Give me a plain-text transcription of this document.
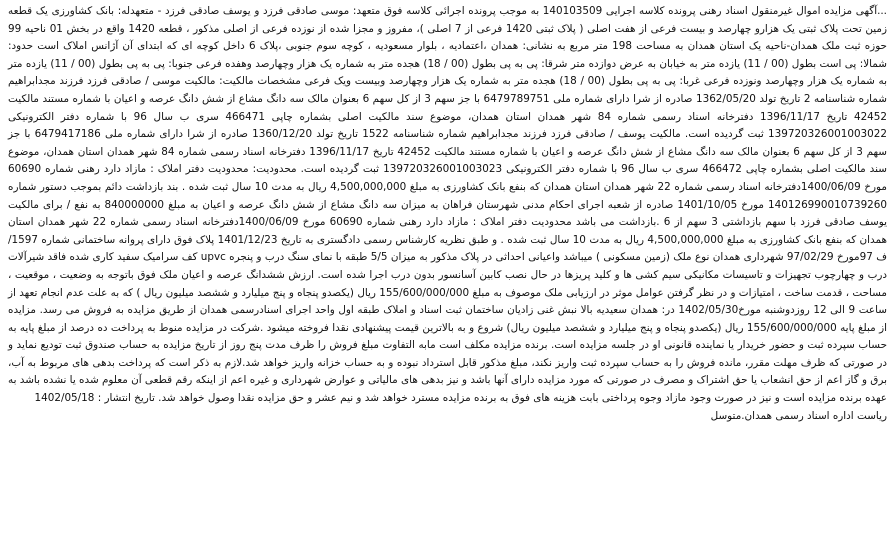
...آگهی مزایده اموال غیرمنقول اسناد رهنی پرونده کلاسه اجرایی 140103509 به موجب پرونده اجرائی کلاسه فوق متعهد: موسی صادقی فرزد و یوسف صادقی فرزد - متعهدله: بانک کشاورزی یک قطعه زمین تحت پلاک ثبتی یک هزارو چهارصد و بیست فرعی از هفت اصلی ( پلاک ثبتی 1420 فرعی از 7 اصلی )، مفروز و مجزا شده از نوزده فرعی از اصلی مذکور ، قطعه 1420 واقع در بخش 01 ناحیه 99 حوزه ثبت ملک همدان-ناحیه یک استان همدان به مساحت 198 متر مربع به نشانی: همدان ،اعتمادیه ، بلوار مسعودیه ، کوچه سوم جنوبی ،پلاک 6 داخل کوچه ای که ابتدای آن آژانس املاک است حدود: شمالا: پی است بطول (00 / 11) یازده متر به خیابان به عرض دوازده متر شرقا: پی به پی بطول (00 / 18) هجده متر به شماره یک هزار وچهارصد وهفده فرعی جنوبا: پی به پی بطول (00 / 11) یازده متر به شماره یک هزار وچهارصد ونوزده فرعی غربا: پی به پی بطول (00 / 18) هجده متر به شماره یک هزار وچهارصد وبیست ویک فرعی مشخصات مالکیت: مالکیت موسی / صادقی فرزد فرزند مجدابراهیم شماره شناسنامه 2 تاریخ تولد 1362/05/20 صادره از شرا دارای شماره ملی 6479789751 با جز سهم 3 از کل سهم 6 بعنوان مالک سه دانگ مشاع از شش دانگ عرصه و اعیان با شماره مستند مالکیت 42452 تاریخ 1396/11/17 دفترخانه اسناد رسمی شماره 84 شهر همدان استان همدان، موضوع سند مالکیت اصلی بشماره چاپی 466471 سری ب سال 96 با شماره دفتر الکترونیکی 139720326001003022 ثبت گردیده است. مالکیت یوسف / صادقی فرزد فرزند مجدابراهیم شماره شناسنامه 1522 تاریخ تولد 1360/12/20 صادره از شرا دارای شماره ملی 6479417186 با جز سهم 3 از کل سهم 6 بعنوان مالک سه دانگ مشاع از شش دانگ عرصه و اعیان با شماره مستند مالکیت 42452 تاریخ 1396/11/17 دفترخانه اسناد رسمی شماره 84 شهر همدان استان همدان، موضوع سند مالکیت اصلی بشماره چاپی 466472 سری ب سال 96 با شماره دفتر الکترونیکی 139720326001003023 ثبت گردیده است. محدودیت: محدودیت دفتر املاک : مازاد دارد رهنی شماره 60690 مورخ 1400/06/09دفترخانه اسناد رسمی شماره 22 شهر همدان استان همدان که بنفع بانک کشاورزی به مبلغ 4,500,000,000 ریال به مدت 10 سال ثبت شده . بند بازداشت دائم بموجب دستور شماره 140126990010739260 مورخ 1401/10/05 صادره از شعبه اجرای احکام مدنی شهرستان فراهان به میزان سه دانگ مشاع از شش دانگ عرصه و اعیان به مبلغ 840000000 به نفع / برای مالکیت یوسف صادقی فرزد با سهم بازداشتی 3 سهم از 6 .بازداشت می باشد محدودیت دفتر املاک : مازاد دارد رهنی شماره 60690 مورخ 1400/06/09دفترخانه اسناد رسمی شماره 22 شهر همدان استان همدان که بنفع بانک کشاورزی به مبلغ 4,500,000,000 ریال به مدت 10 سال ثبت شده . و طبق نظریه کارشناس رسمی دادگستری به تاریخ 1401/12/23 پلاک فوق دارای پروانه ساختمانی شماره 1597/ف 97مورخ 97/02/29 شهرداری همدان نوع ملک (زمین مسکونی ) میباشد واعیانی احداثی در پلاک مذکور به میزان 5/5 طبقه با نمای سنگ درب و پنجره upvc کف سرامیک سفید کاری شده فاقد شیرآلات درب و چهارچوب تجهیزات و تاسیسات مکانیکی سیم کشی ها و کلید پریزها در حال نصب کابین آسانسور بدون درب اجرا شده است. ارزش ششدانگ عرصه و اعیان ملک فوق باتوجه به وضعیت ، موقعیت ، مساحت ، قدمت ساخت ، امتیازات و در نظر گرفتن عوامل موثر در ارزیابی ملک موصوف به مبلغ 155/600/000/000 ریال (یکصدو پنجاه و پنج میلیارد و ششصد میلیون ریال ) که به علت عدم انجام تعهد از ساعت 9 الی 12 روزدوشنبه مورخ1402/05/30 در: همدان سعیدیه بالا نبش غنی زادیان ساختمان ثبت اسناد و املاک طبقه اول واحد اجرای اسنادرسمی همدان از طریق مزایده به فروش می رسد. مزایده از مبلغ پایه 155/600/000/000 ریال (یکصدو پنجاه و پنج میلیارد و ششصد میلیون ریال) شروع و به بالاترین قیمت پیشنهادی نقدا فروخته میشود .شرکت در مزایده منوط به پرداخت ده درصد از مبلغ پایه به حساب سپرده ثبت و حضور خریدار یا نماینده قانونی او در جلسه مزایده است. برنده مزایده مکلف است مابه التفاوت مبلغ فروش را ظرف مدت پنج روز از تاریخ مزایده به حساب صندوق ثبت تودیع نماید و در صورتی که ظرف مهلت مقرر، مانده فروش را به حساب سپرده ثبت واریز نکند، مبلغ مذکور قابل استرداد نبوده و به حساب خزانه واریز خواهد شد.لازم به ذکر است که پرداخت بدهی های مربوط به آب، برق و گاز اعم از حق انشعاب یا حق اشتراک و مصرف در صورتی که مورد مزایده دارای آنها باشد و نیز بدهی های مالیاتی و عوارض شهرداری و غیره اعم از اینکه رقم قطعی آن معلوم شده یا نشده باشد به عهده برنده مزایده است و نیز در صورت وجود مازاد وجوه پرداختی بابت هزینه های فوق به برنده مزایده مسترد خواهد شد و نیم عشر و حق مزایده نقدا وصول خواهد شد. تاریخ انتشار : 1402/05/18

ریاست اداره اسناد رسمی همدان.متوسل
